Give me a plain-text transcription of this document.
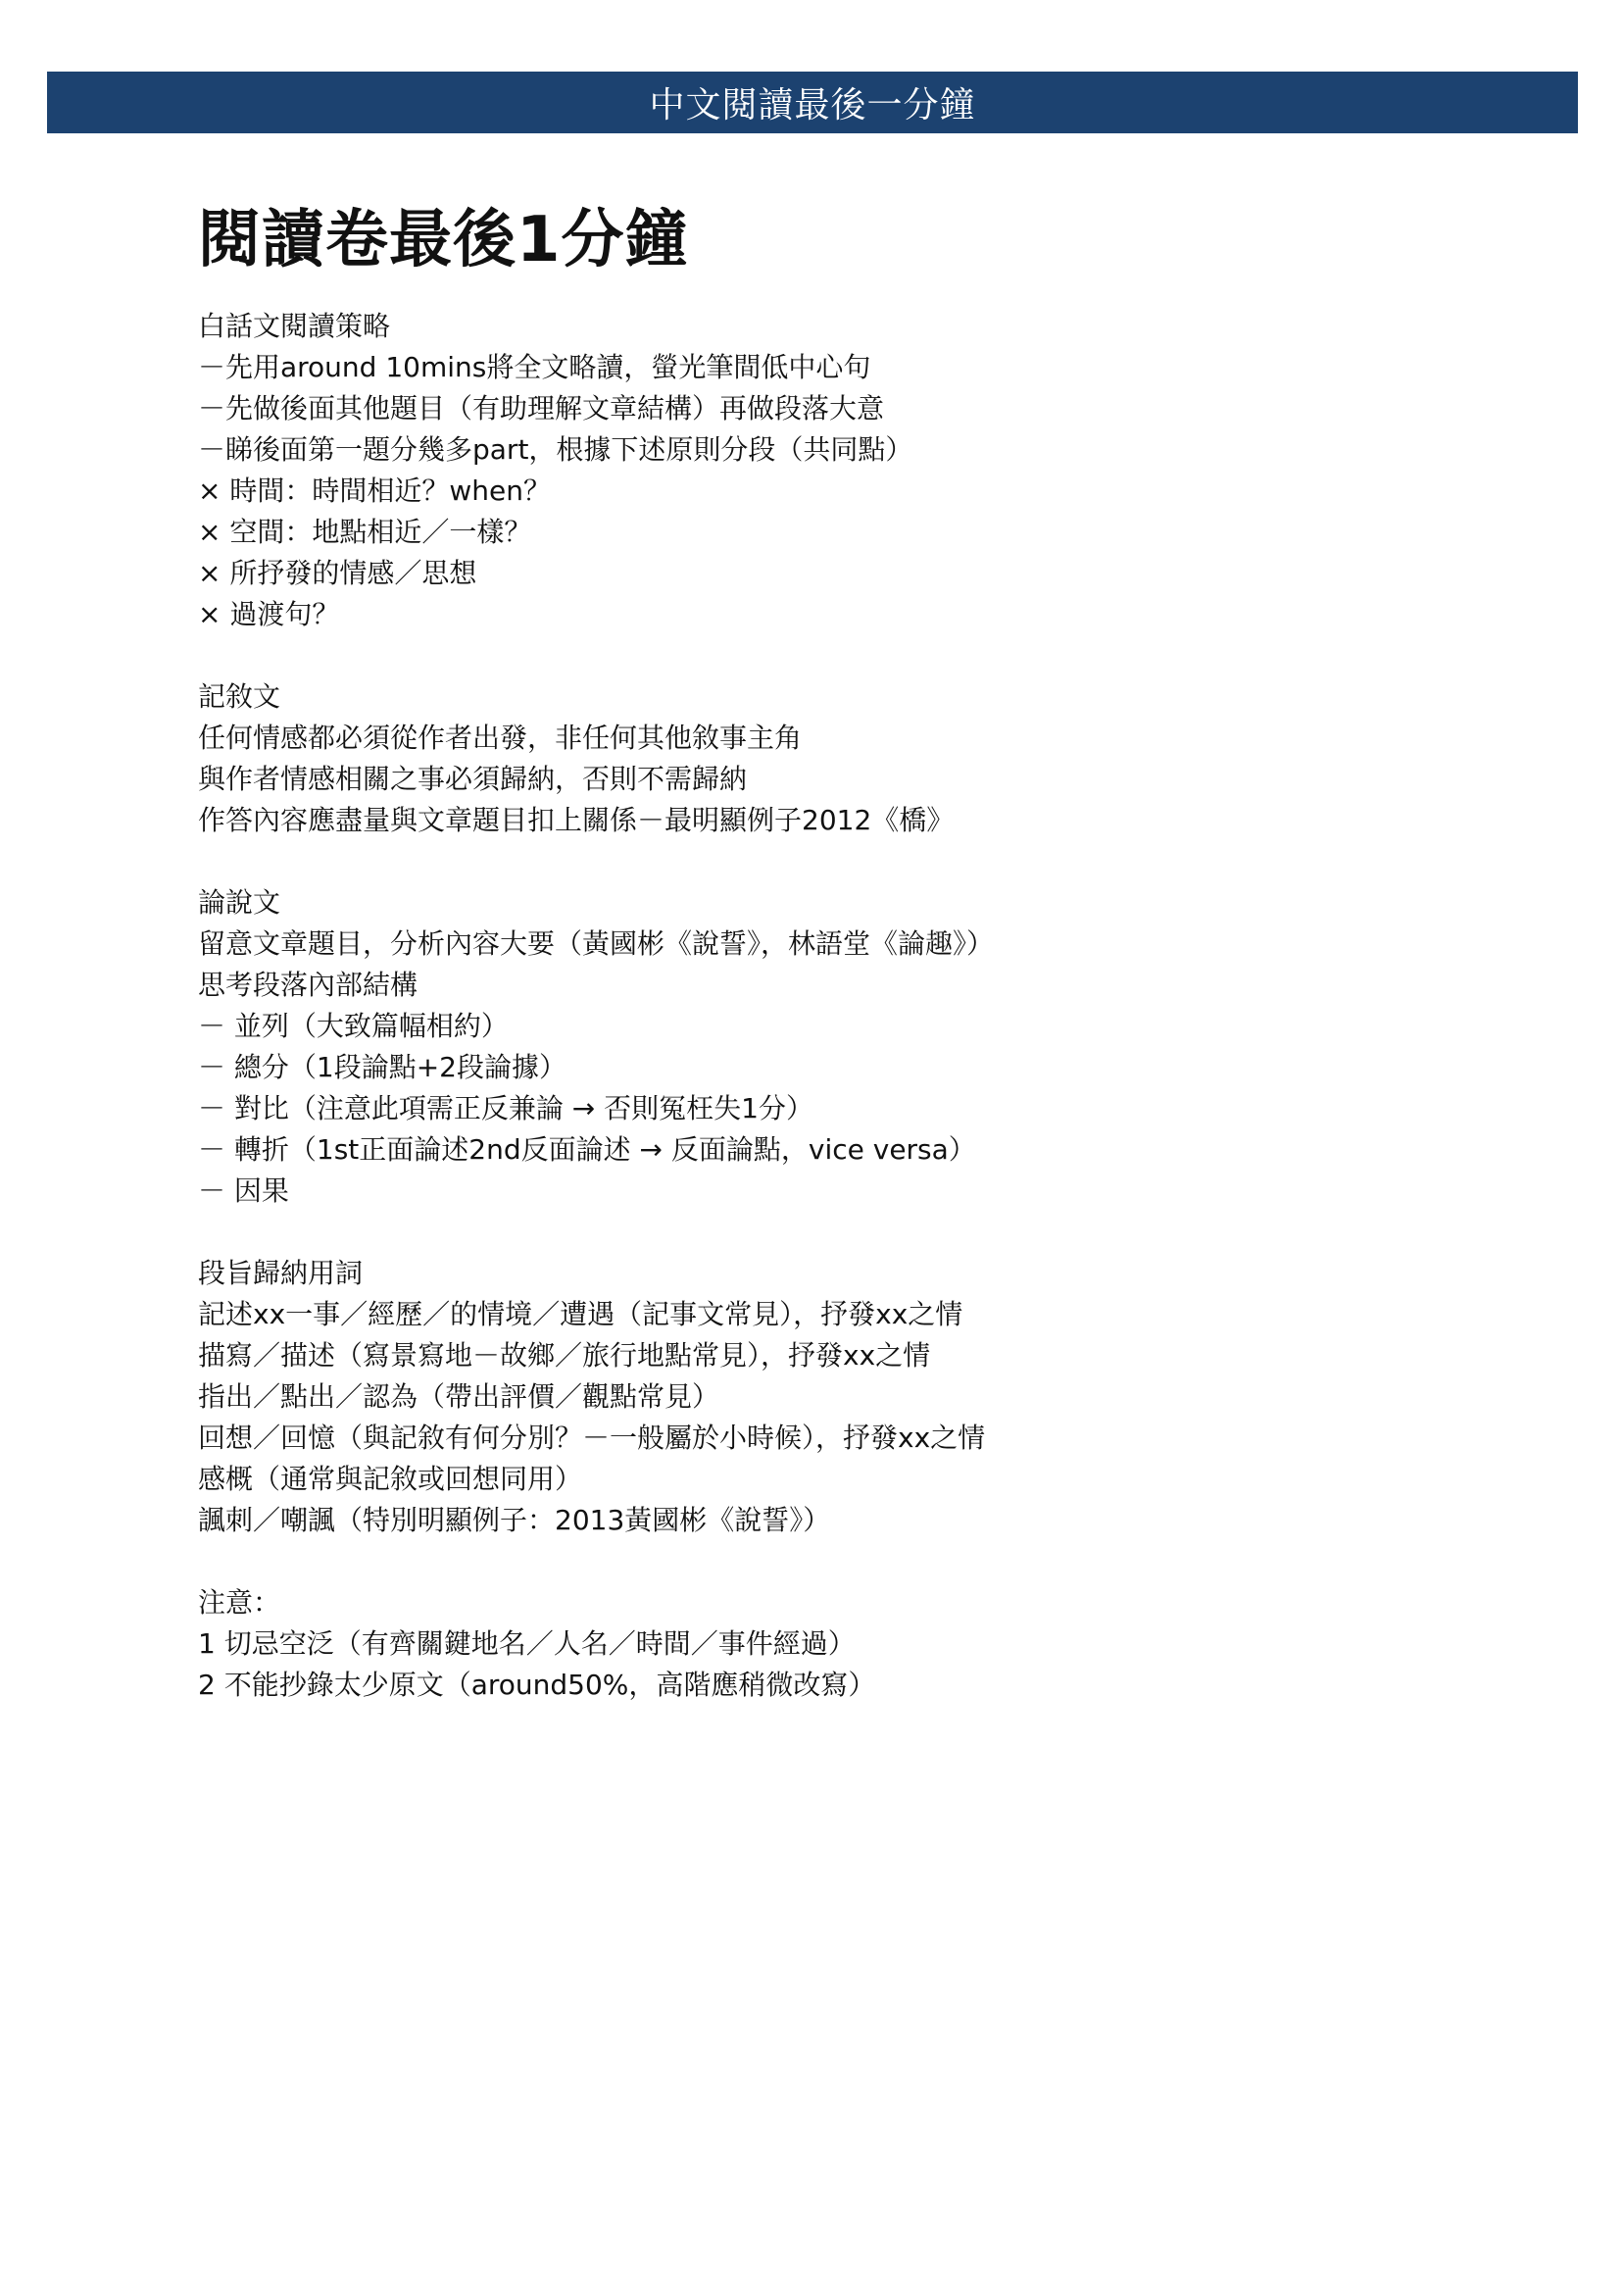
中文閱讀最後一分鐘
閱讀卷最後1分鐘

白話文閱讀策略

－先用around 10mins將全文略讀，螢光筆間低中心句

－先做後面其他題目（有助理解文章結構）再做段落大意

－睇後面第一題分幾多part，根據下述原則分段（共同點）

× 時間：時間相近？when？

× 空間：地點相近／一樣？

× 所抒發的情感／思想

× 過渡句？

記敘文

任何情感都必須從作者出發，非任何其他敘事主角

與作者情感相關之事必須歸納，否則不需歸納

作答內容應盡量與文章題目扣上關係－最明顯例子2012《橋》

論說文

留意文章題目，分析內容大要（黃國彬《說誓》，林語堂《論趣》）

思考段落內部結構

－ 並列（大致篇幅相約）

－ 總分（1段論點+2段論據）

－ 對比（注意此項需正反兼論 → 否則冤枉失1分）

－ 轉折（1st正面論述2nd反面論述 → 反面論點，vice versa）

－ 因果

段旨歸納用詞

記述xx一事／經歷／的情境／遭遇（記事文常見），抒發xx之情

描寫／描述（寫景寫地－故鄉／旅行地點常見），抒發xx之情

指出／點出／認為（帶出評價／觀點常見）

回想／回憶（與記敘有何分別？－一般屬於小時候），抒發xx之情

感概（通常與記敘或回想同用）

諷刺／嘲諷（特別明顯例子：2013黃國彬《說誓》）

注意：

1 切忌空泛（有齊關鍵地名／人名／時間／事件經過）

2 不能抄錄太少原文（around50%，高階應稍微改寫）
